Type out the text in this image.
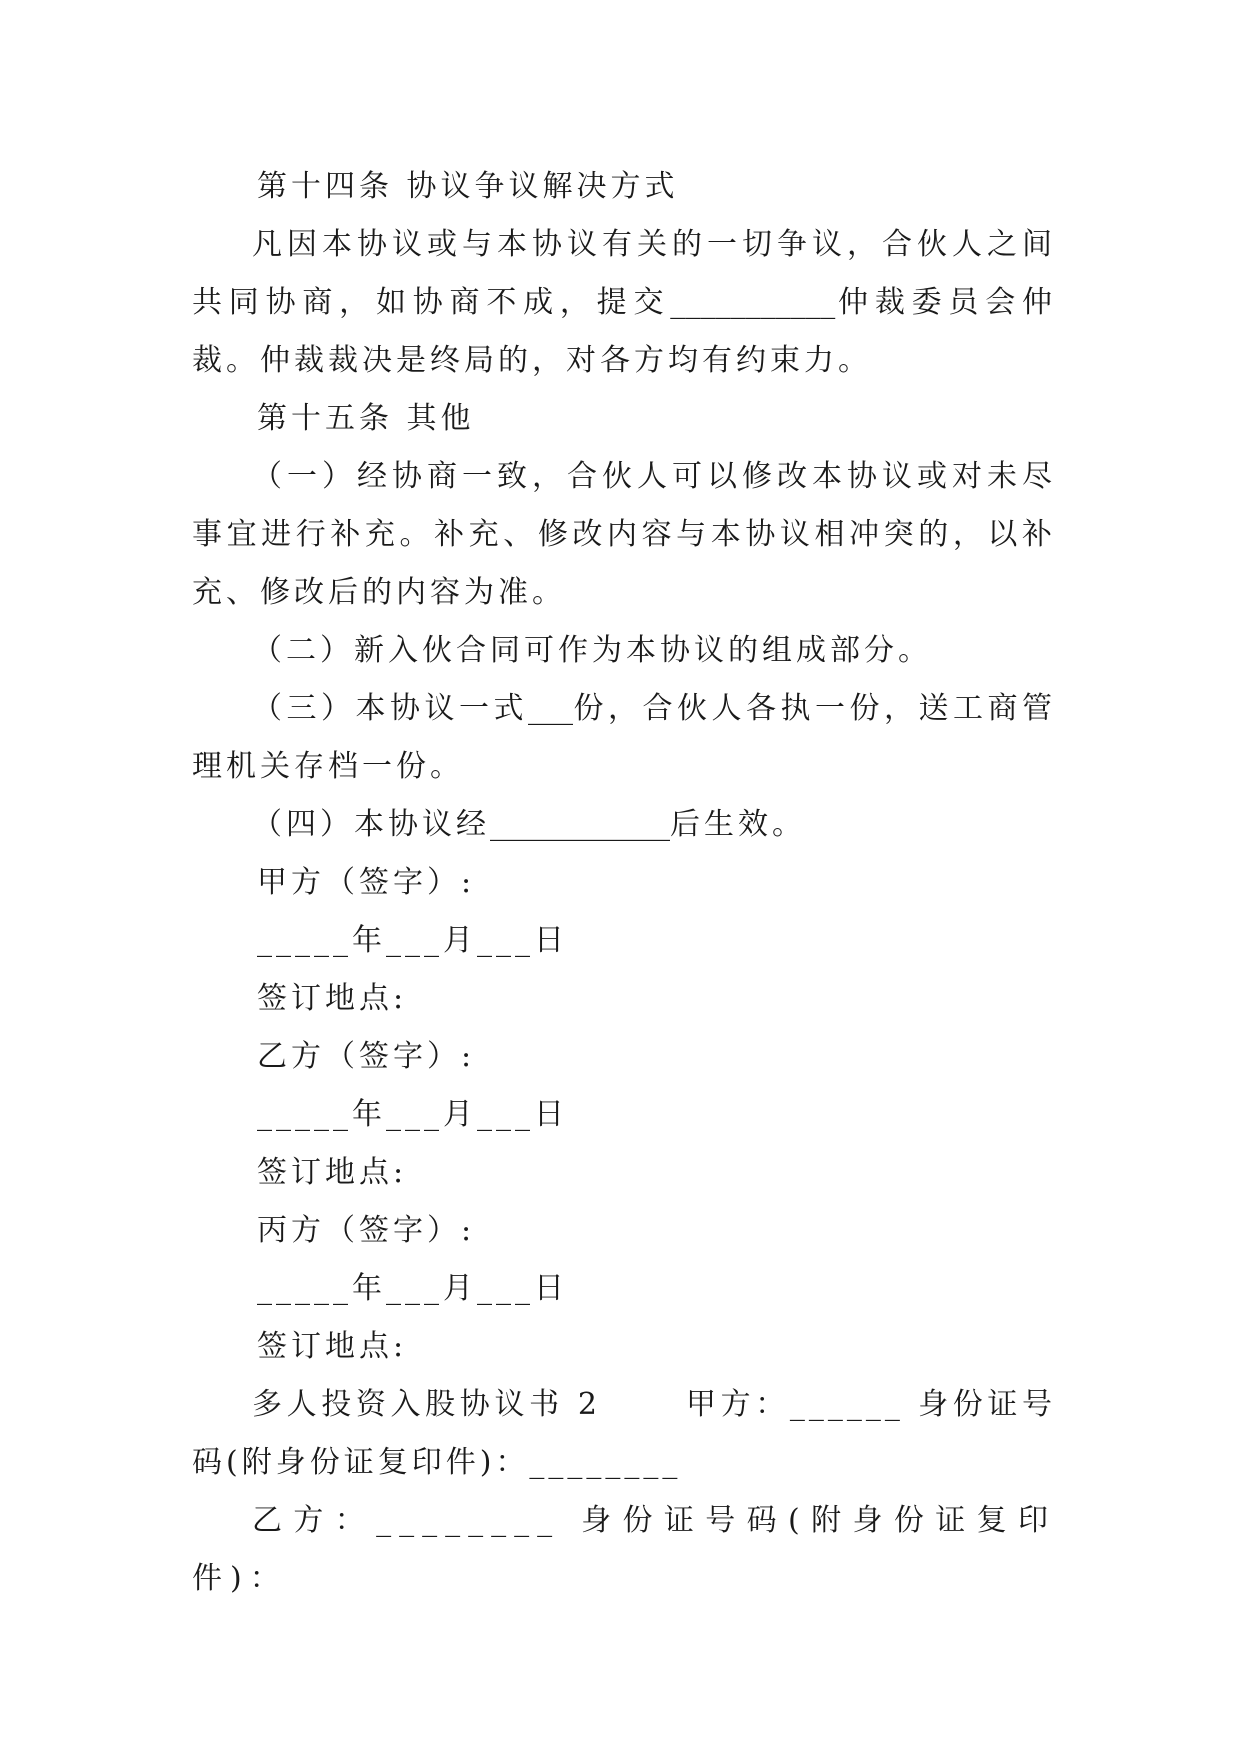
第十四条 协议争议解决方式

凡因本协议或与本协议有关的一切争议，合伙人之间共同协商，如协商不成，提交___________仲裁委员会仲裁。仲裁裁决是终局的，对各方均有约束力。

第十五条 其他

（一）经协商一致，合伙人可以修改本协议或对未尽事宜进行补充。补充、修改内容与本协议相冲突的，以补充、修改后的内容为准。

（二）新入伙合同可作为本协议的组成部分。

（三）本协议一式___份，合伙人各执一份，送工商管理机关存档一份。

（四）本协议经____________后生效。

甲方（签字）:

_____年___月___日

签订地点:

乙方（签字）:

_____年___月___日

签订地点:

丙方（签字）:

_____年___月___日

签订地点:

多人投资入股协议书 2	甲方：______ 身份证号码(附身份证复印件)：________

乙方：________ 身份证号码(附身份证复印件)：
